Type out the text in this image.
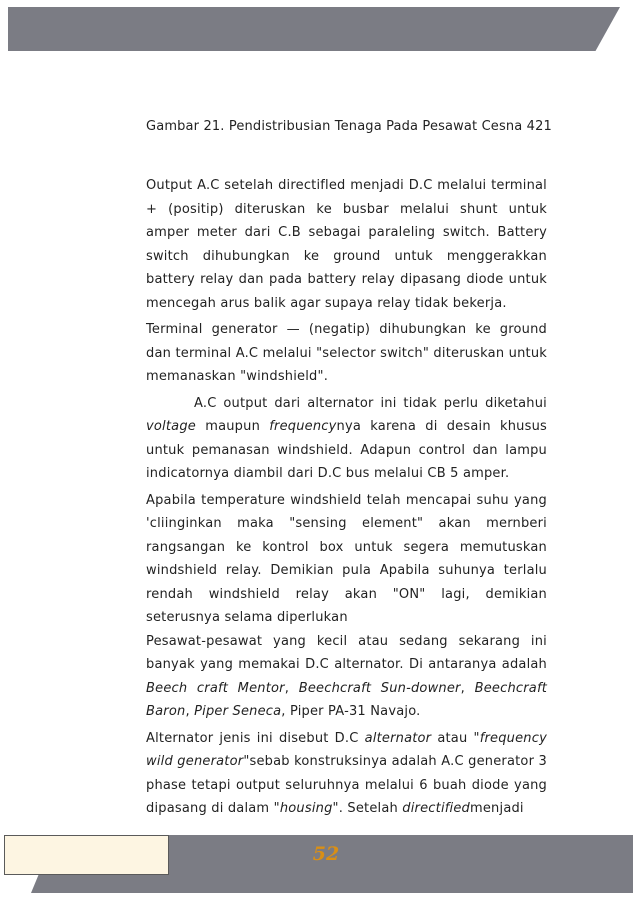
Gambar 21. Pendistribusian Tenaga Pada Pesawat Cesna 421

Output A.C setelah directifled menjadi D.C melalui terminal + (positip) diteruskan ke busbar melalui shunt untuk amper meter dari C.B sebagai paraleling switch. Battery switch dihubungkan ke ground untuk menggerakkan battery relay dan pada battery relay dipasang diode untuk mencegah arus balik agar supaya relay tidak bekerja.

Terminal generator — (negatip) dihubungkan ke ground dan terminal A.C melalui "selector switch" diteruskan untuk memanaskan "windshield".

A.C output dari alternator ini tidak perlu diketahui voltage maupun frequencynya karena di desain khusus untuk pemanasan windshield. Adapun control dan lampu indicatornya diambil dari D.C bus melalui CB 5 amper.

Apabila temperature windshield telah mencapai suhu yang 'cliinginkan maka "sensing element" akan mernberi rangsangan ke kontrol box untuk segera memutuskan windshield relay. Demikian pula Apabila suhunya terlalu rendah windshield relay akan "ON" lagi, demikian seterusnya selama diperlukan

Pesawat-pesawat yang kecil atau sedang sekarang ini banyak yang memakai D.C alternator. Di antaranya adalah Beech craft Mentor, Beechcraft Sun-downer, Beechcraft Baron, Piper Seneca, Piper PA-31 Navajo.

Alternator jenis ini disebut D.C alternator atau "frequency wild generator"sebab konstruksinya adalah A.C generator 3 phase tetapi output seluruhnya melalui 6 buah diode yang dipasang di dalam "housing". Setelah directifiedmenjadi

52
